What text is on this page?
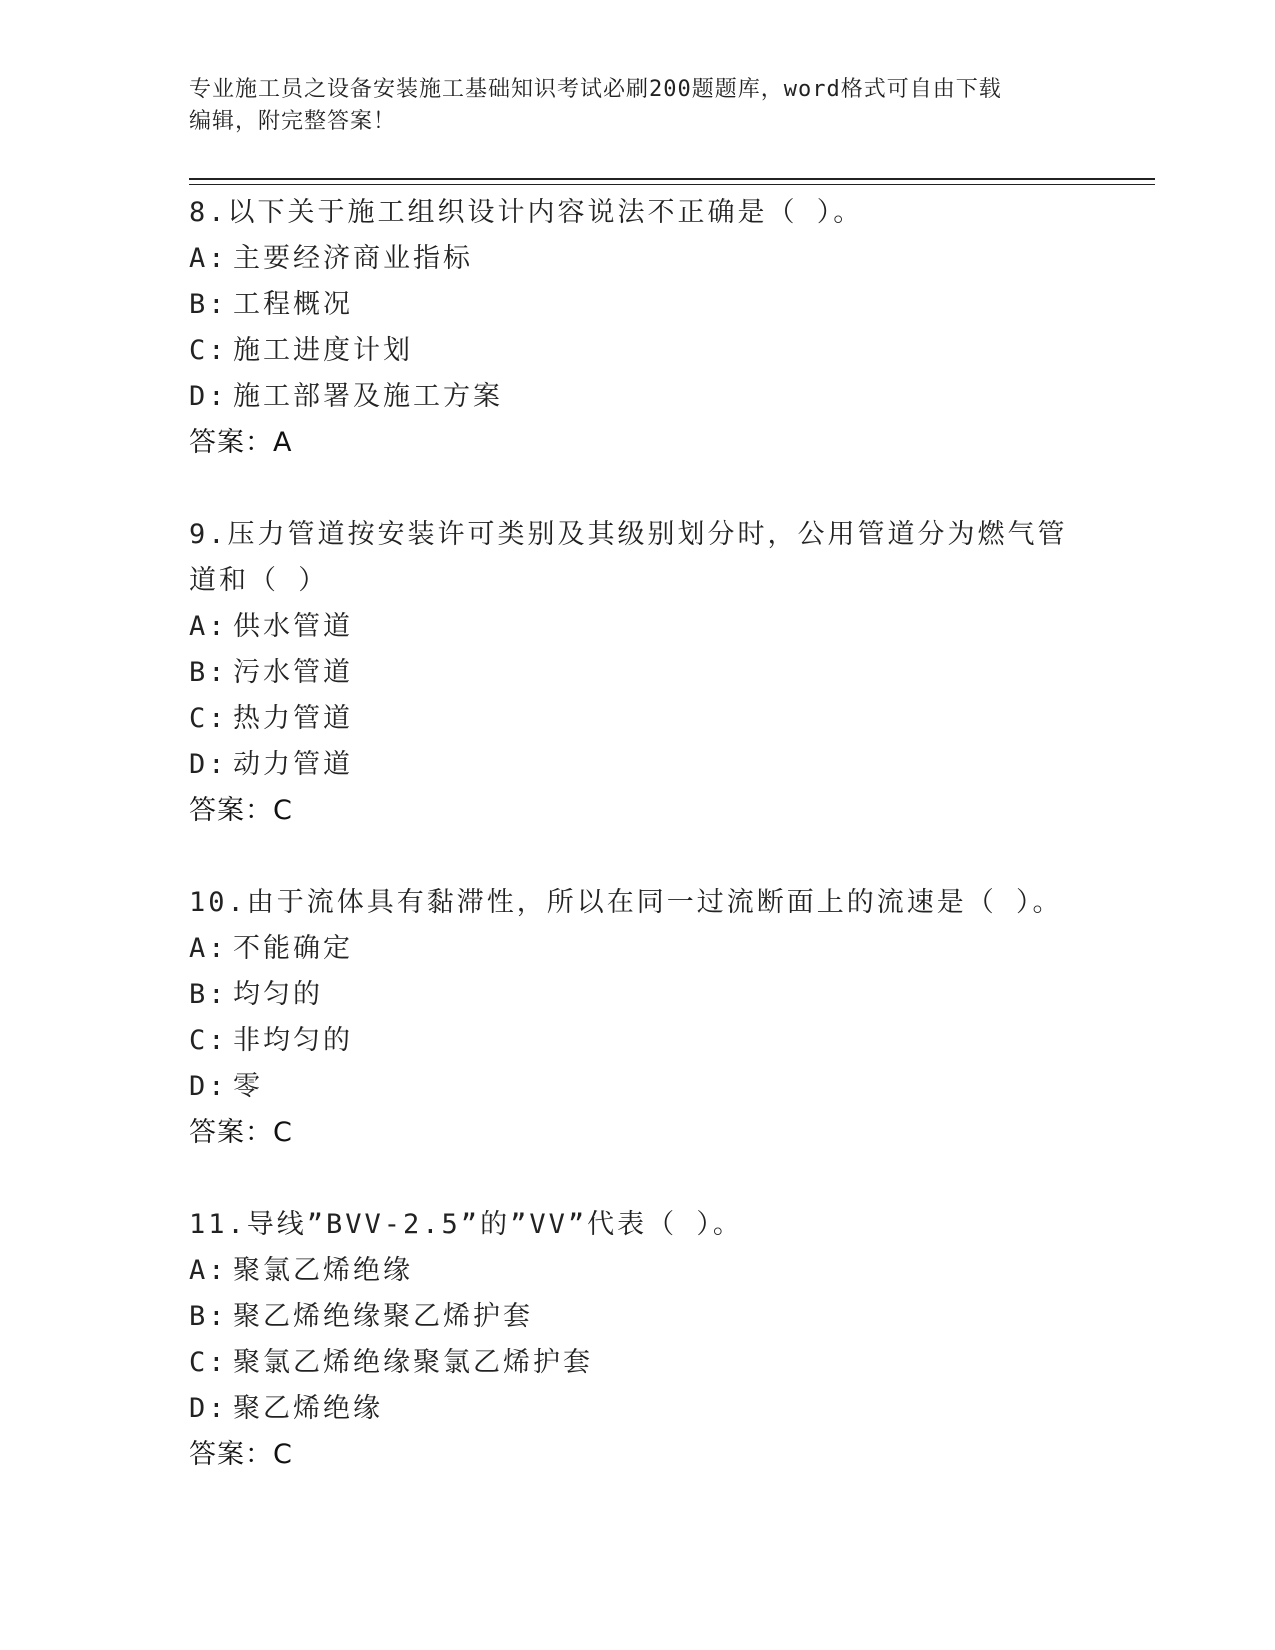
专业施工员之设备安装施工基础知识考试必刷200题题库，word格式可自由下载
编辑，附完整答案！
8.以下关于施工组织设计内容说法不正确是（ ）。
A: 主要经济商业指标
B: 工程概况
C: 施工进度计划
D: 施工部署及施工方案
答案：A
9.压力管道按安装许可类别及其级别划分时，公用管道分为燃气管道和（ ）
A: 供水管道
B: 污水管道
C: 热力管道
D: 动力管道
答案：C
10.由于流体具有黏滞性，所以在同一过流断面上的流速是（ ）。
A: 不能确定
B: 均匀的
C: 非均匀的
D: 零
答案：C
11.导线”BVV-2.5”的”VV”代表（ ）。
A: 聚氯乙烯绝缘
B: 聚乙烯绝缘聚乙烯护套
C: 聚氯乙烯绝缘聚氯乙烯护套
D: 聚乙烯绝缘
答案：C
